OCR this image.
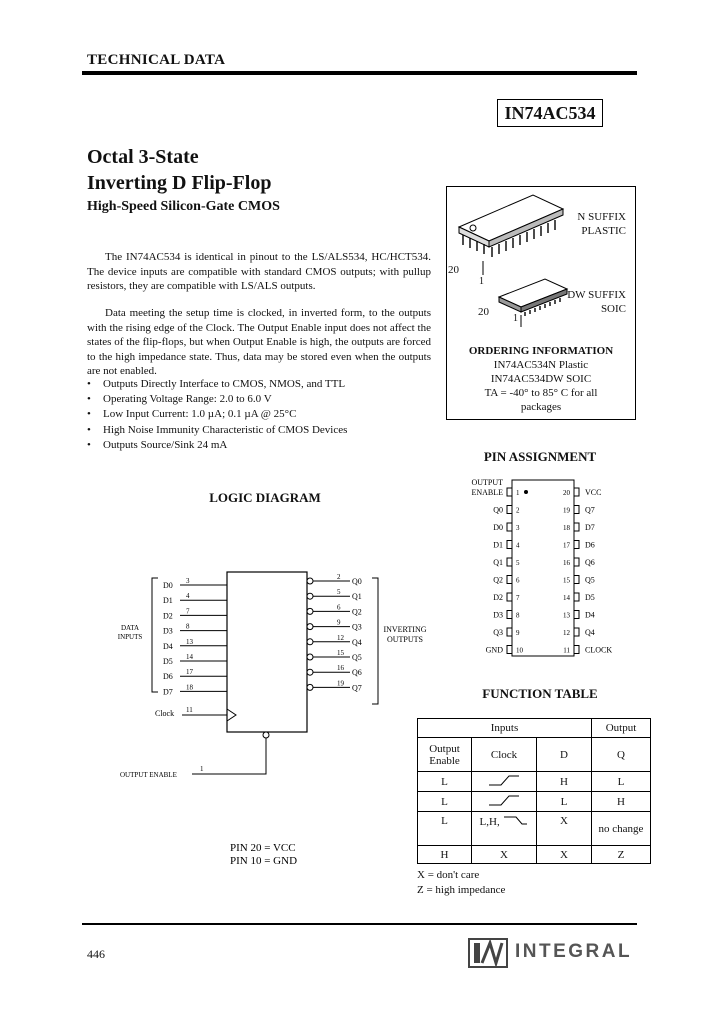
TECHNICAL DATA
IN74AC534
Octal 3-State
Inverting D Flip-Flop
High-Speed Silicon-Gate CMOS
The IN74AC534 is identical in pinout to the LS/ALS534, HC/HCT534. The device inputs are compatible with standard CMOS outputs; with pullup resistors, they are compatible with LS/ALS outputs.
Data meeting the setup time is clocked, in inverted form, to the outputs with the rising edge of the Clock. The Output Enable input does not affect the states of the flip-flops, but when Output Enable is high, the outputs are forced to the high impedance state. Thus, data may be stored even when the outputs are not enabled.
• Outputs Directly Interface to CMOS, NMOS, and TTL
• Operating Voltage Range: 2.0 to 6.0 V
• Low Input Current: 1.0 µA; 0.1 µA @ 25°C
• High Noise Immunity Characteristic of CMOS Devices
• Outputs Source/Sink 24 mA
N SUFFIX
PLASTIC
20
1
DW SUFFIX
SOIC
20
1
ORDERING INFORMATION
IN74AC534N Plastic
IN74AC534DW SOIC
TA = -40° to 85° C for all
packages
LOGIC DIAGRAM
DATA
INPUTS
INVERTING
OUTPUTS
D0 3
D1 4
D2 7
D3 8
D4 13
D5 14
D6 17
D7 18
2 Q0
5 Q1
6 Q2
9 Q3
12 Q4
15 Q5
16 Q6
19 Q7
Clock 11
OUTPUT ENABLE
1
PIN 20 = VCC
PIN 10 = GND
PIN ASSIGNMENT
1
OUTPUT
ENABLE
2
Q0
3
D0
4
D1
5
Q1
6
Q2
7
D2
8
D3
9
Q3
10
GND
20 VCC
19 Q7
18 D7
17 D6
16 Q6
15 Q5
14 D5
13 D4
12 Q4
11 CLOCK
FUNCTION TABLE
Inputs			Output
Output Enable	Clock	D	Q
L		H	L
L		L	H
L	L,H,	X	no change
H	X	X	Z
X = don't care
Z = high impedance
446	INTEGRAL
